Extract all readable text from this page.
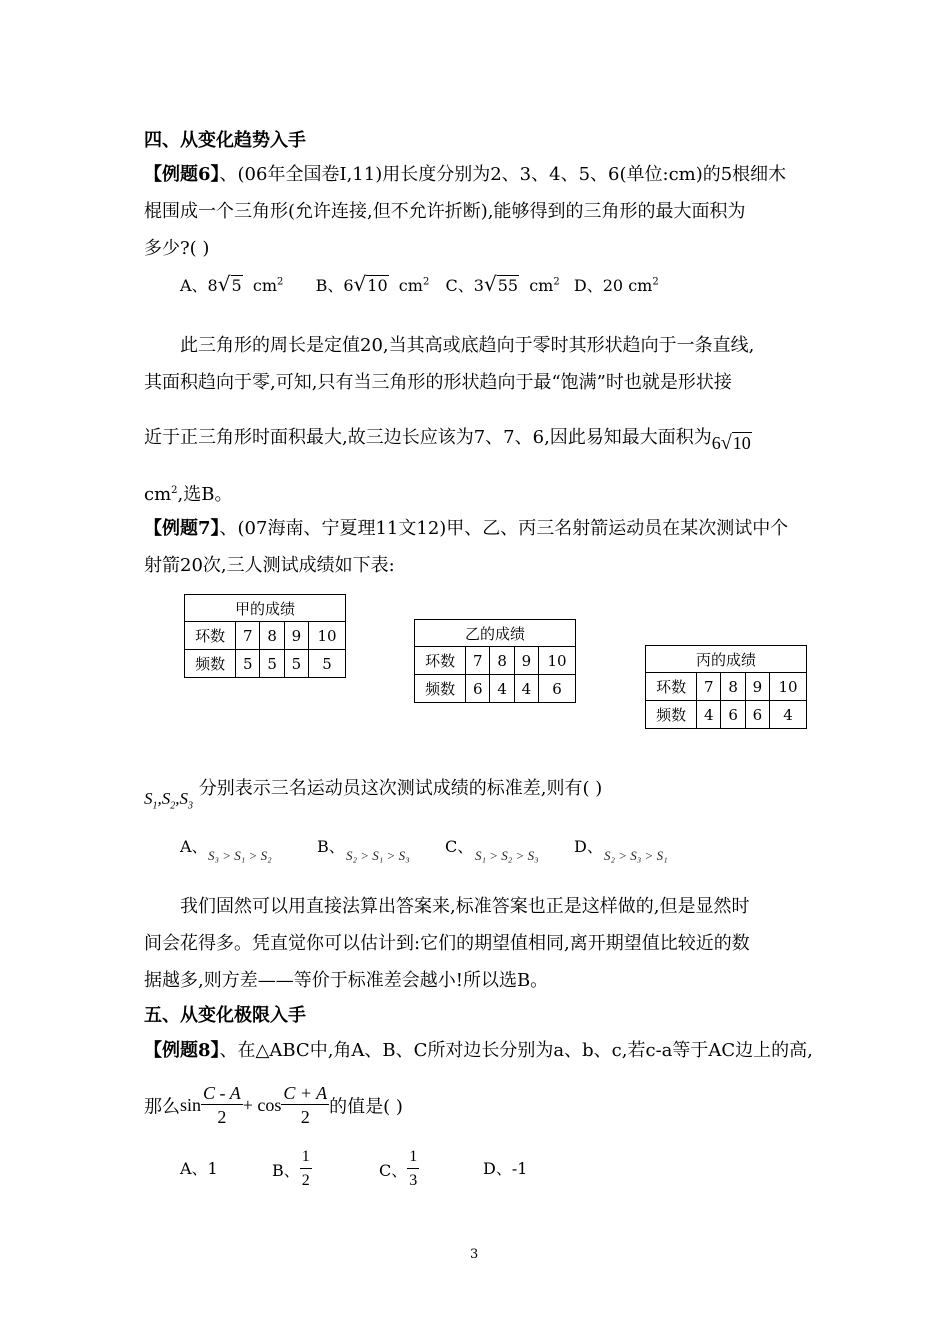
四、从变化趋势入手
【例题6】、(06年全国卷Ⅰ,11)用长度分别为2、3、4、5、6(单位:cm)的5根细木
棍围成一个三角形(允许连接,但不允许折断),能够得到的三角形的最大面积为
多少?( )
A、8√5 $cm^2$ B、6√10 $cm^2$ C、3√55 $cm^2$ D、20 $cm^2$
此三角形的周长是定值20,当其高或底趋向于零时其形状趋向于一条直线,
其面积趋向于零,可知,只有当三角形的形状趋向于最“饱满”时也就是形状接
近于正三角形时面积最大,故三边长应该为7、7、6,因此易知最大面积为6√10
$cm^2$,选B。
【例题7】、(07海南、宁夏理11文12)甲、乙、丙三名射箭运动员在某次测试中个
射箭20次,三人测试成绩如下表:
甲的成绩				
环数	7	8	9	10
频数	5	5	5	5
乙的成绩				
环数	7	8	9	10
频数	6	4	4	6
丙的成绩				
环数	7	8	9	10
频数	4	6	6	4
$S_1,S_2,S_3$ 分别表示三名运动员这次测试成绩的标准差,则有( )
A、 S₃ > S₁ > S₂	B、 S₂ > S₁ > S₃ C、 S₁ > S₂ > S₃ D、 S₂ > S₃ > S₁
我们固然可以用直接法算出答案来,标准答案也正是这样做的,但是显然时
间会花得多。凭直觉你可以估计到:它们的期望值相同,离开期望值比较近的数
据越多,则方差——等价于标准差会越小!所以选B。
五、从变化极限入手
【例题8】、在△ABC中,角A、B、C所对边长分别为a、b、c,若c-a等于AC边上的高,
那么$\sin \frac{C - A}{2} + \cos \frac{C + A}{2}$ 的值是( )
A、1	B、 $\frac{1}{2}$	C、 $\frac{1}{3}$	D、-1
3
